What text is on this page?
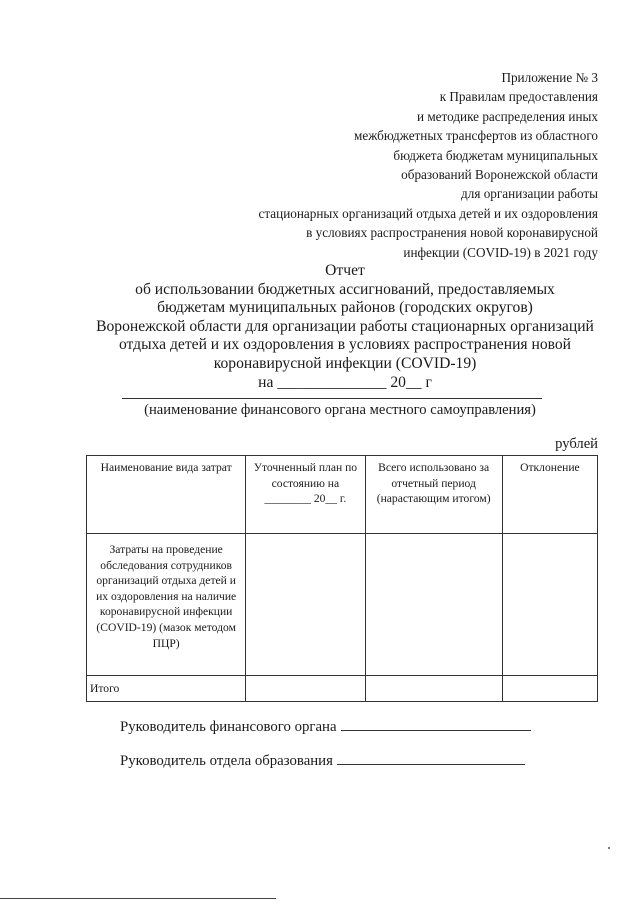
Приложение № 3
к Правилам предоставления
и методике распределения иных
межбюджетных трансфертов из областного
бюджета бюджетам муниципальных
образований Воронежской области
для организации работы
стационарных организаций отдыха детей и их оздоровления
в условиях распространения новой коронавирусной
инфекции (COVID-19) в 2021 году
Отчет
об использовании бюджетных ассигнований, предоставляемых
бюджетам муниципальных районов (городских округов)
Воронежской области для организации работы стационарных организаций
отдыха детей и их оздоровления в условиях распространения новой
коронавирусной инфекции (COVID-19)
на ______________ 20__ г
(наименование финансового органа местного самоуправления)
рублей
Наименование вида затрат	Уточненный план по состоянию на ________ 20__ г.	Всего использовано за отчетный период (нарастающим итогом)	Отклонение
Затраты на проведение обследования сотрудников организаций отдыха детей и их оздоровления на наличие коронавирусной инфекции (COVID-19) (мазок методом ПЦР)			
Итого			
Руководитель финансового органа
Руководитель отдела образования
